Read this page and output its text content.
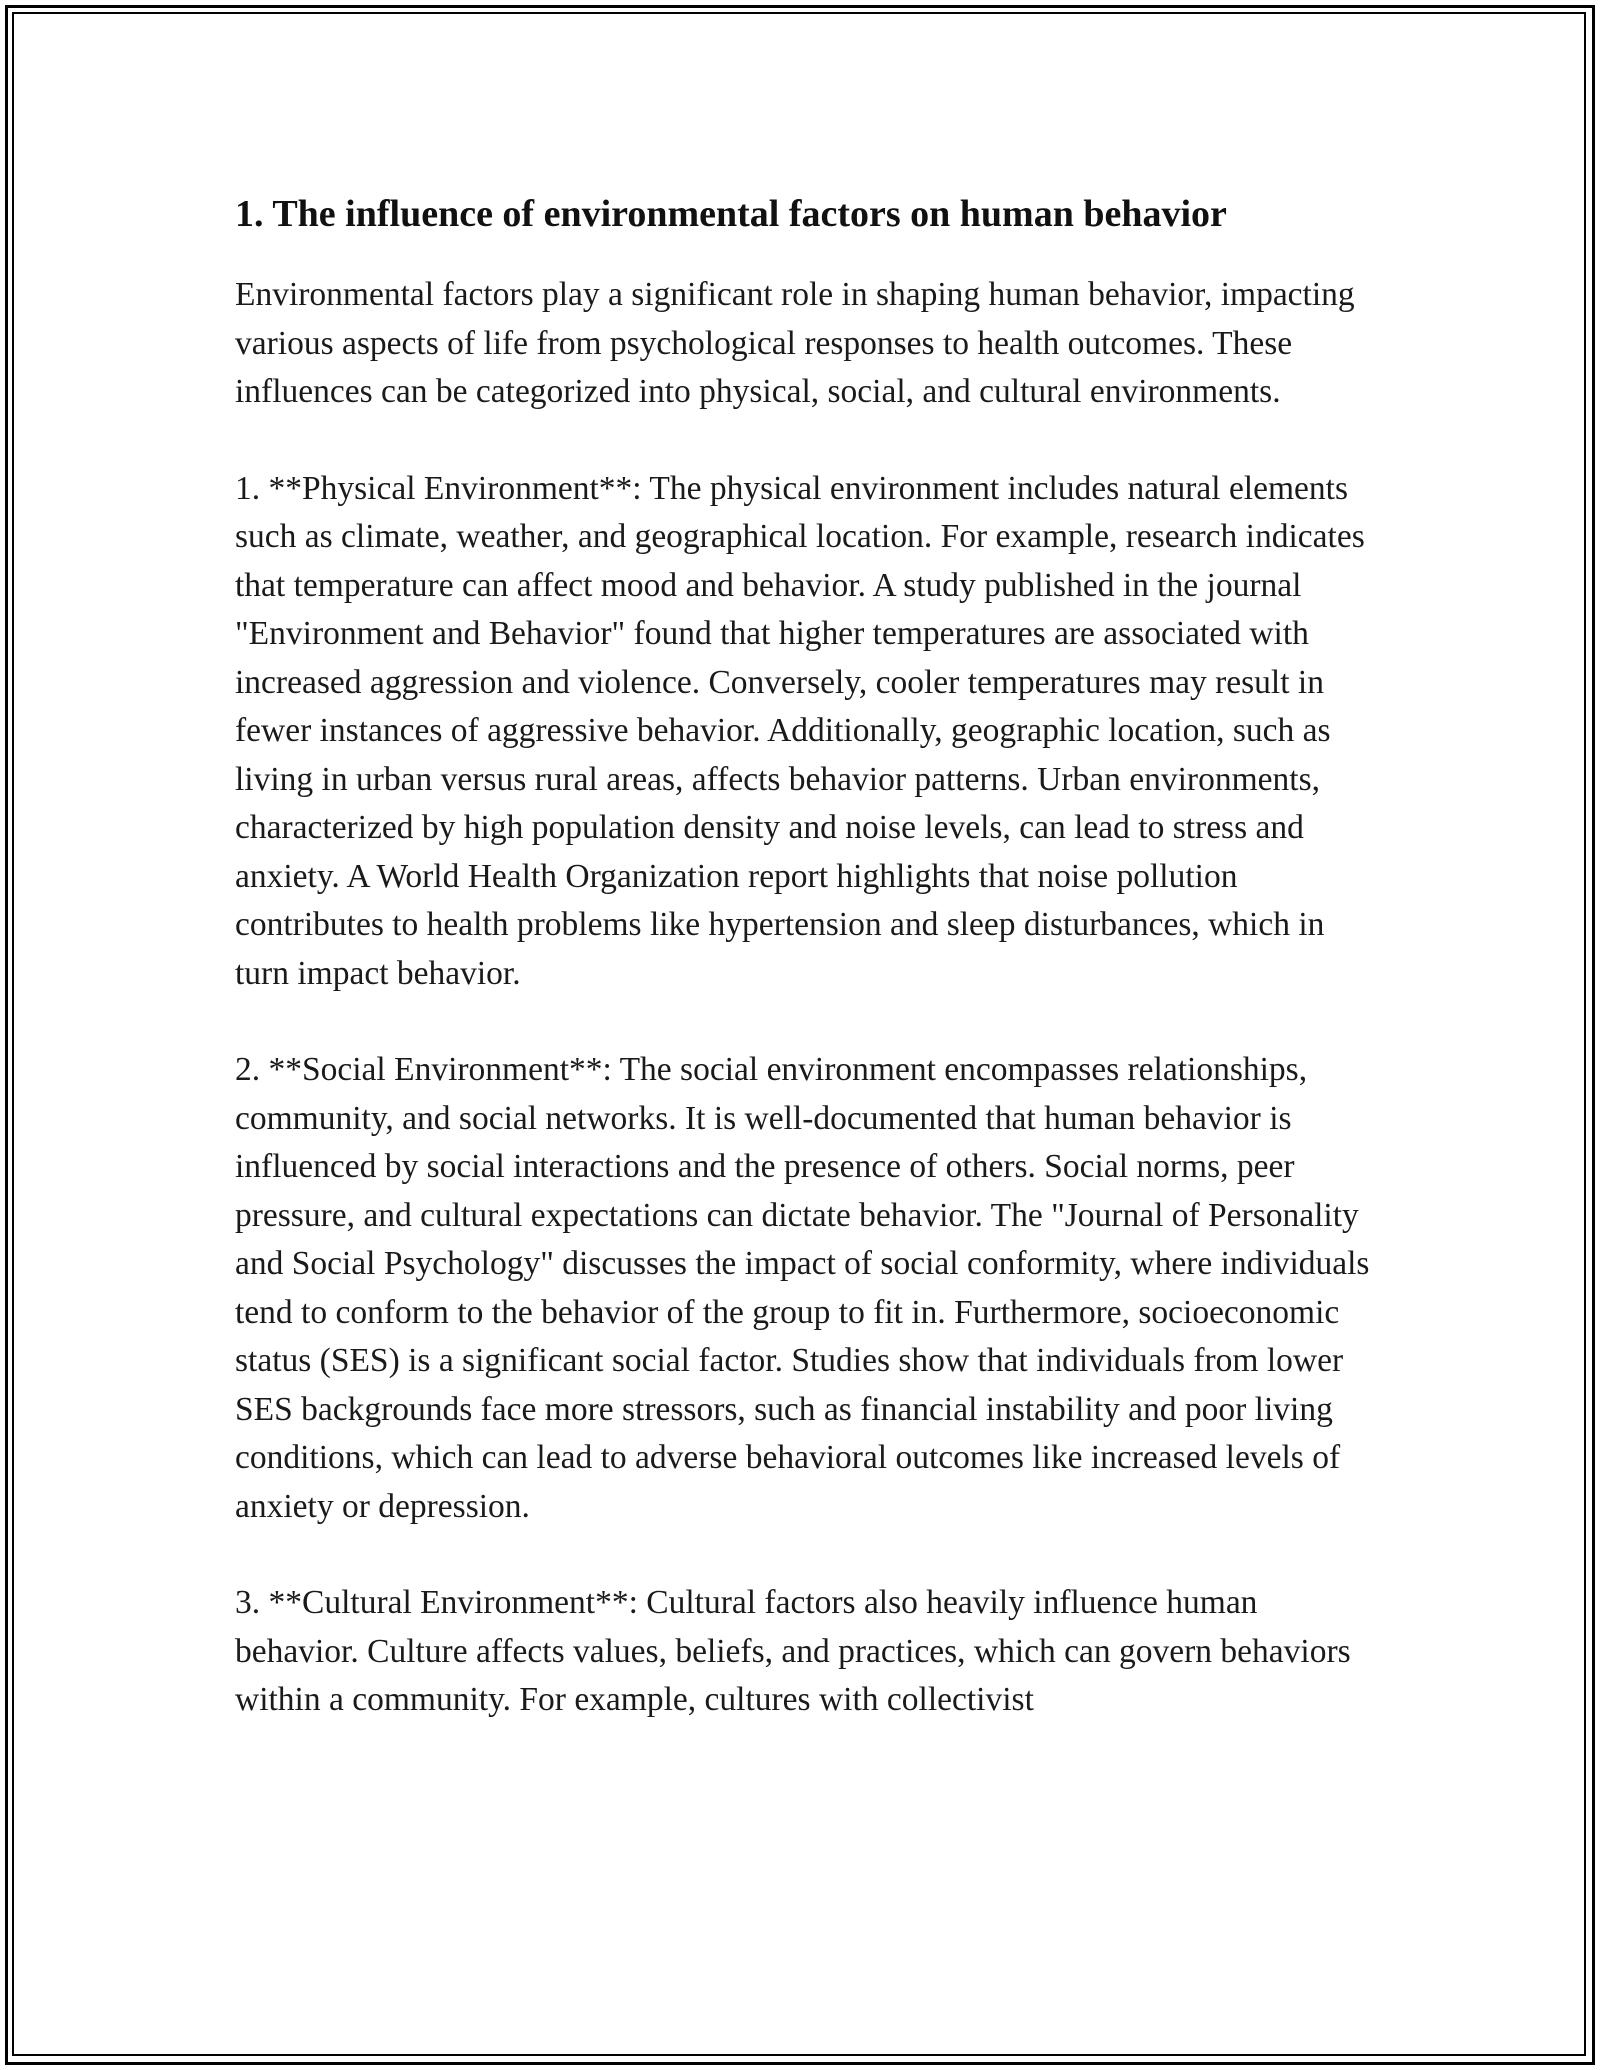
1. The influence of environmental factors on human behavior

Environmental factors play a significant role in shaping human behavior, impacting various aspects of life from psychological responses to health outcomes. These influences can be categorized into physical, social, and cultural environments.

1. **Physical Environment**: The physical environment includes natural elements such as climate, weather, and geographical location. For example, research indicates that temperature can affect mood and behavior. A study published in the journal "Environment and Behavior" found that higher temperatures are associated with increased aggression and violence. Conversely, cooler temperatures may result in fewer instances of aggressive behavior. Additionally, geographic location, such as living in urban versus rural areas, affects behavior patterns. Urban environments, characterized by high population density and noise levels, can lead to stress and anxiety. A World Health Organization report highlights that noise pollution contributes to health problems like hypertension and sleep disturbances, which in turn impact behavior.

2. **Social Environment**: The social environment encompasses relationships, community, and social networks. It is well-documented that human behavior is influenced by social interactions and the presence of others. Social norms, peer pressure, and cultural expectations can dictate behavior. The "Journal of Personality and Social Psychology" discusses the impact of social conformity, where individuals tend to conform to the behavior of the group to fit in. Furthermore, socioeconomic status (SES) is a significant social factor. Studies show that individuals from lower SES backgrounds face more stressors, such as financial instability and poor living conditions, which can lead to adverse behavioral outcomes like increased levels of anxiety or depression.

3. **Cultural Environment**: Cultural factors also heavily influence human behavior. Culture affects values, beliefs, and practices, which can govern behaviors within a community. For example, cultures with collectivist
